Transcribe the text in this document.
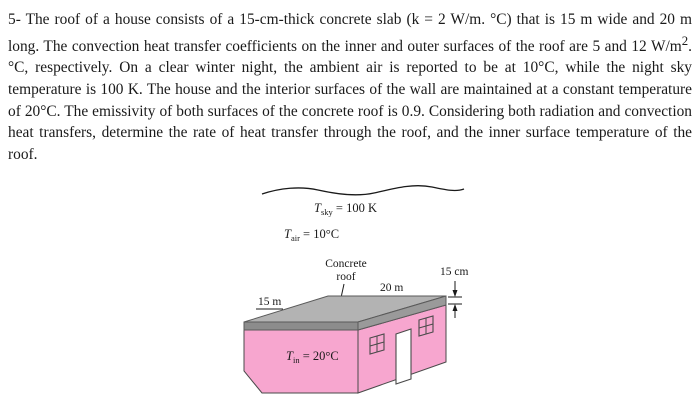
5- The roof of a house consists of a 15-cm-thick concrete slab (k = 2 W/m. °C) that is 15 m wide and 20 m long. The convection heat transfer coefficients on the inner and outer surfaces of the roof are 5 and 12 $W/m^2$. °C, respectively. On a clear winter night, the ambient air is reported to be at 10°C, while the night sky temperature is 100 K. The house and the interior surfaces of the wall are maintained at a constant temperature of 20°C. The emissivity of both surfaces of the concrete roof is 0.9. Considering both radiation and convection heat transfers, determine the rate of heat transfer through the roof, and the inner surface temperature of the roof.

$T_{sky} = 100$ K
$T_{air} = 10^\circ C$
Concrete
roof
$T_{in} = 20^\circ C$
15 m
20 m
15 cm
